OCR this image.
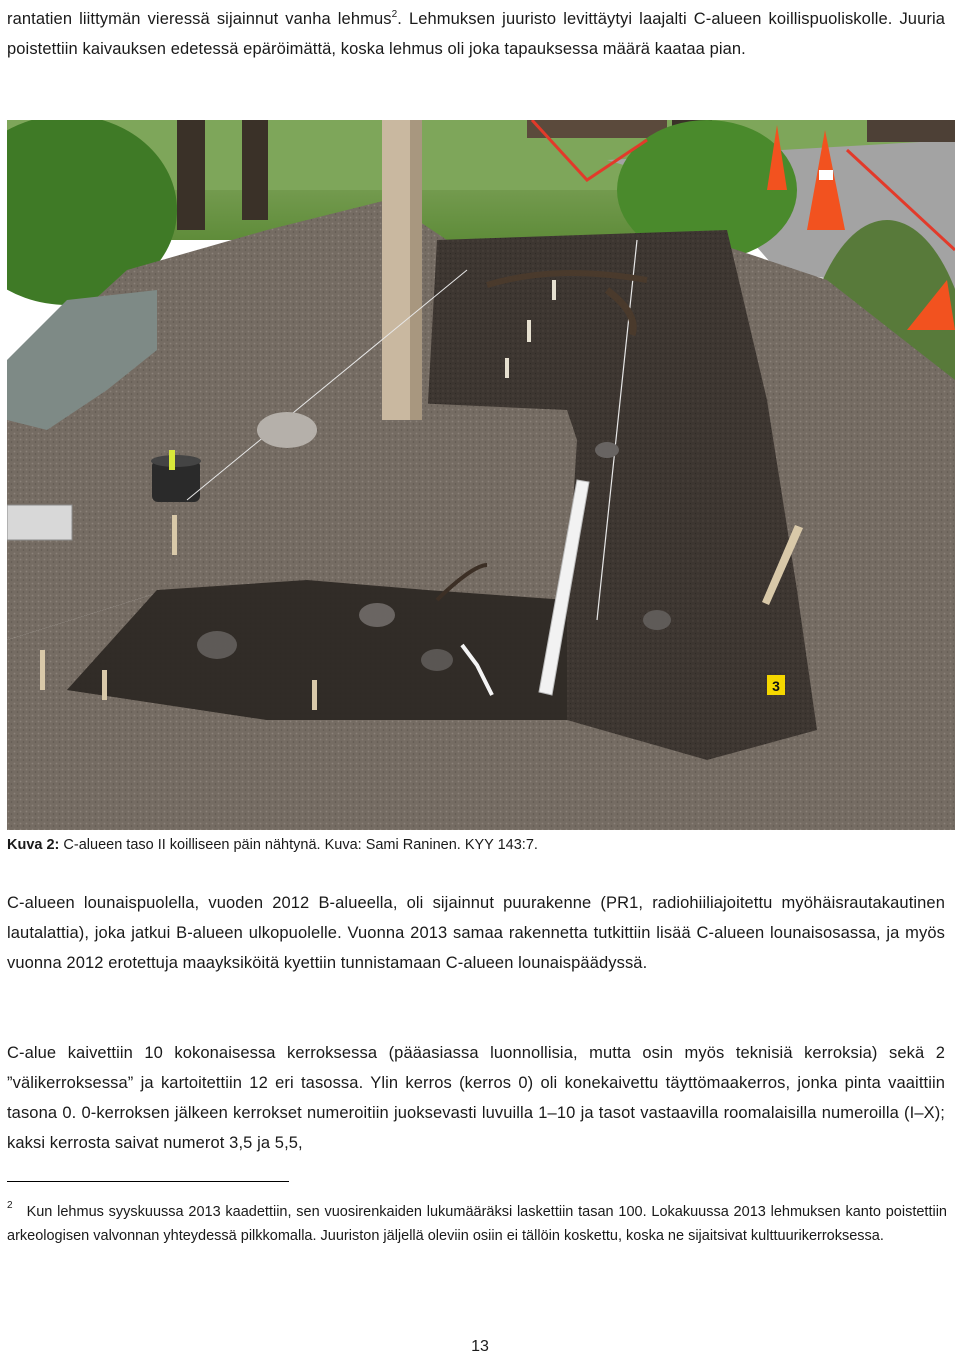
rantatien liittymän vieressä sijainnut vanha lehmus$^2$. Lehmuksen juuristo levittäytyi laajalti C-alueen koillispuoliskolle. Juuria poistettiin kaivauksen edetessä epäröimättä, koska lehmus oli joka tapauksessa määrä kaataa pian.

3
Kuva 2: C-alueen taso II koilliseen päin nähtynä. Kuva: Sami Raninen. KYY 143:7.

C-alueen lounaispuolella, vuoden 2012 B-alueella, oli sijainnut puurakenne (PR1, radiohiiliajoitettu myöhäisrautakautinen lautalattia), joka jatkui B-alueen ulkopuolelle. Vuonna 2013 samaa rakennetta tutkittiin lisää C-alueen lounaisosassa, ja myös vuonna 2012 erotettuja maayksiköitä kyettiin tunnistamaan C-alueen lounaispäädyssä.

C-alue kaivettiin 10 kokonaisessa kerroksessa (pääasiassa luonnollisia, mutta osin myös teknisiä kerroksia) sekä 2 ”välikerroksessa” ja kartoitettiin 12 eri tasossa. Ylin kerros (kerros 0) oli konekaivettu täyttömaakerros, jonka pinta vaaittiin tasona 0. 0-kerroksen jälkeen kerrokset numeroitiin juoksevasti luvuilla 1–10 ja tasot vastaavilla roomalaisilla numeroilla (I–X); kaksi kerrosta saivat numerot 3,5 ja 5,5,

$^2$ Kun lehmus syyskuussa 2013 kaadettiin, sen vuosirenkaiden lukumääräksi laskettiin tasan 100. Lokakuussa 2013 lehmuksen kanto poistettiin arkeologisen valvonnan yhteydessä pilkkomalla. Juuriston jäljellä oleviin osiin ei tällöin koskettu, koska ne sijaitsivat kulttuurikerroksessa.

13
